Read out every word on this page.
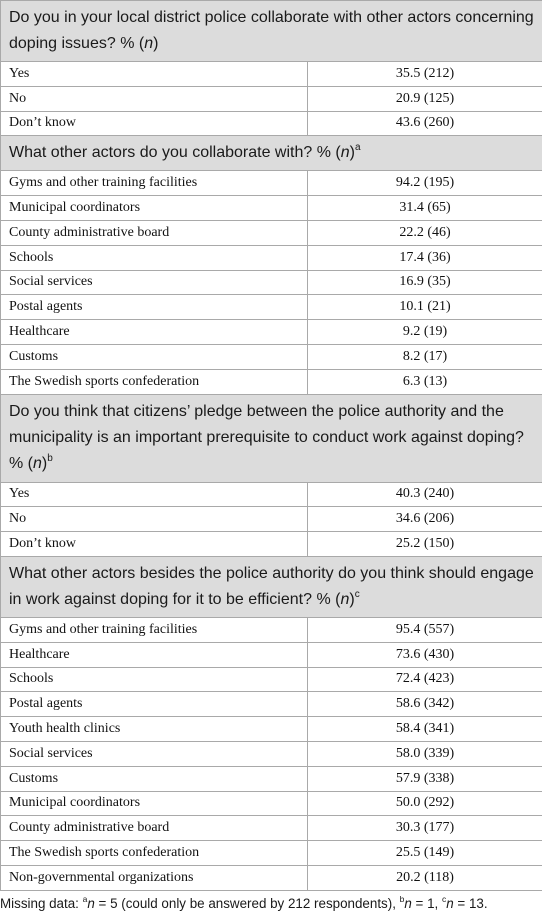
Do you in your local district police collaborate with other actors concerning doping issues? % (n)	
Yes	35.5 (212)
No	20.9 (125)
Don’t know	43.6 (260)
What other actors do you collaborate with? % $(n)^a$
Gyms and other training facilities	94.2 (195)
Municipal coordinators	31.4 (65)
County administrative board	22.2 (46)
Schools	17.4 (36)
Social services	16.9 (35)
Postal agents	10.1 (21)
Healthcare	9.2 (19)
Customs	8.2 (17)
The Swedish sports confederation	6.3 (13)
Do you think that citizens’ pledge between the police authority and the municipality is an important prerequisite to conduct work against doping? % $(n)^b$
Yes	40.3 (240)
No	34.6 (206)
Don’t know	25.2 (150)
What other actors besides the police authority do you think should engage in work against doping for it to be efficient? % $(n)^c$
Gyms and other training facilities	95.4 (557)
Healthcare	73.6 (430)
Schools	72.4 (423)
Postal agents	58.6 (342)
Youth health clinics	58.4 (341)
Social services	58.0 (339)
Customs	57.9 (338)
Municipal coordinators	50.0 (292)
County administrative board	30.3 (177)
The Swedish sports confederation	25.5 (149)
Non-governmental organizations	20.2 (118)
Missing data: $^a$n = 5 (could only be answered by 212 respondents), $^b$n = 1, $^c$n = 13.
